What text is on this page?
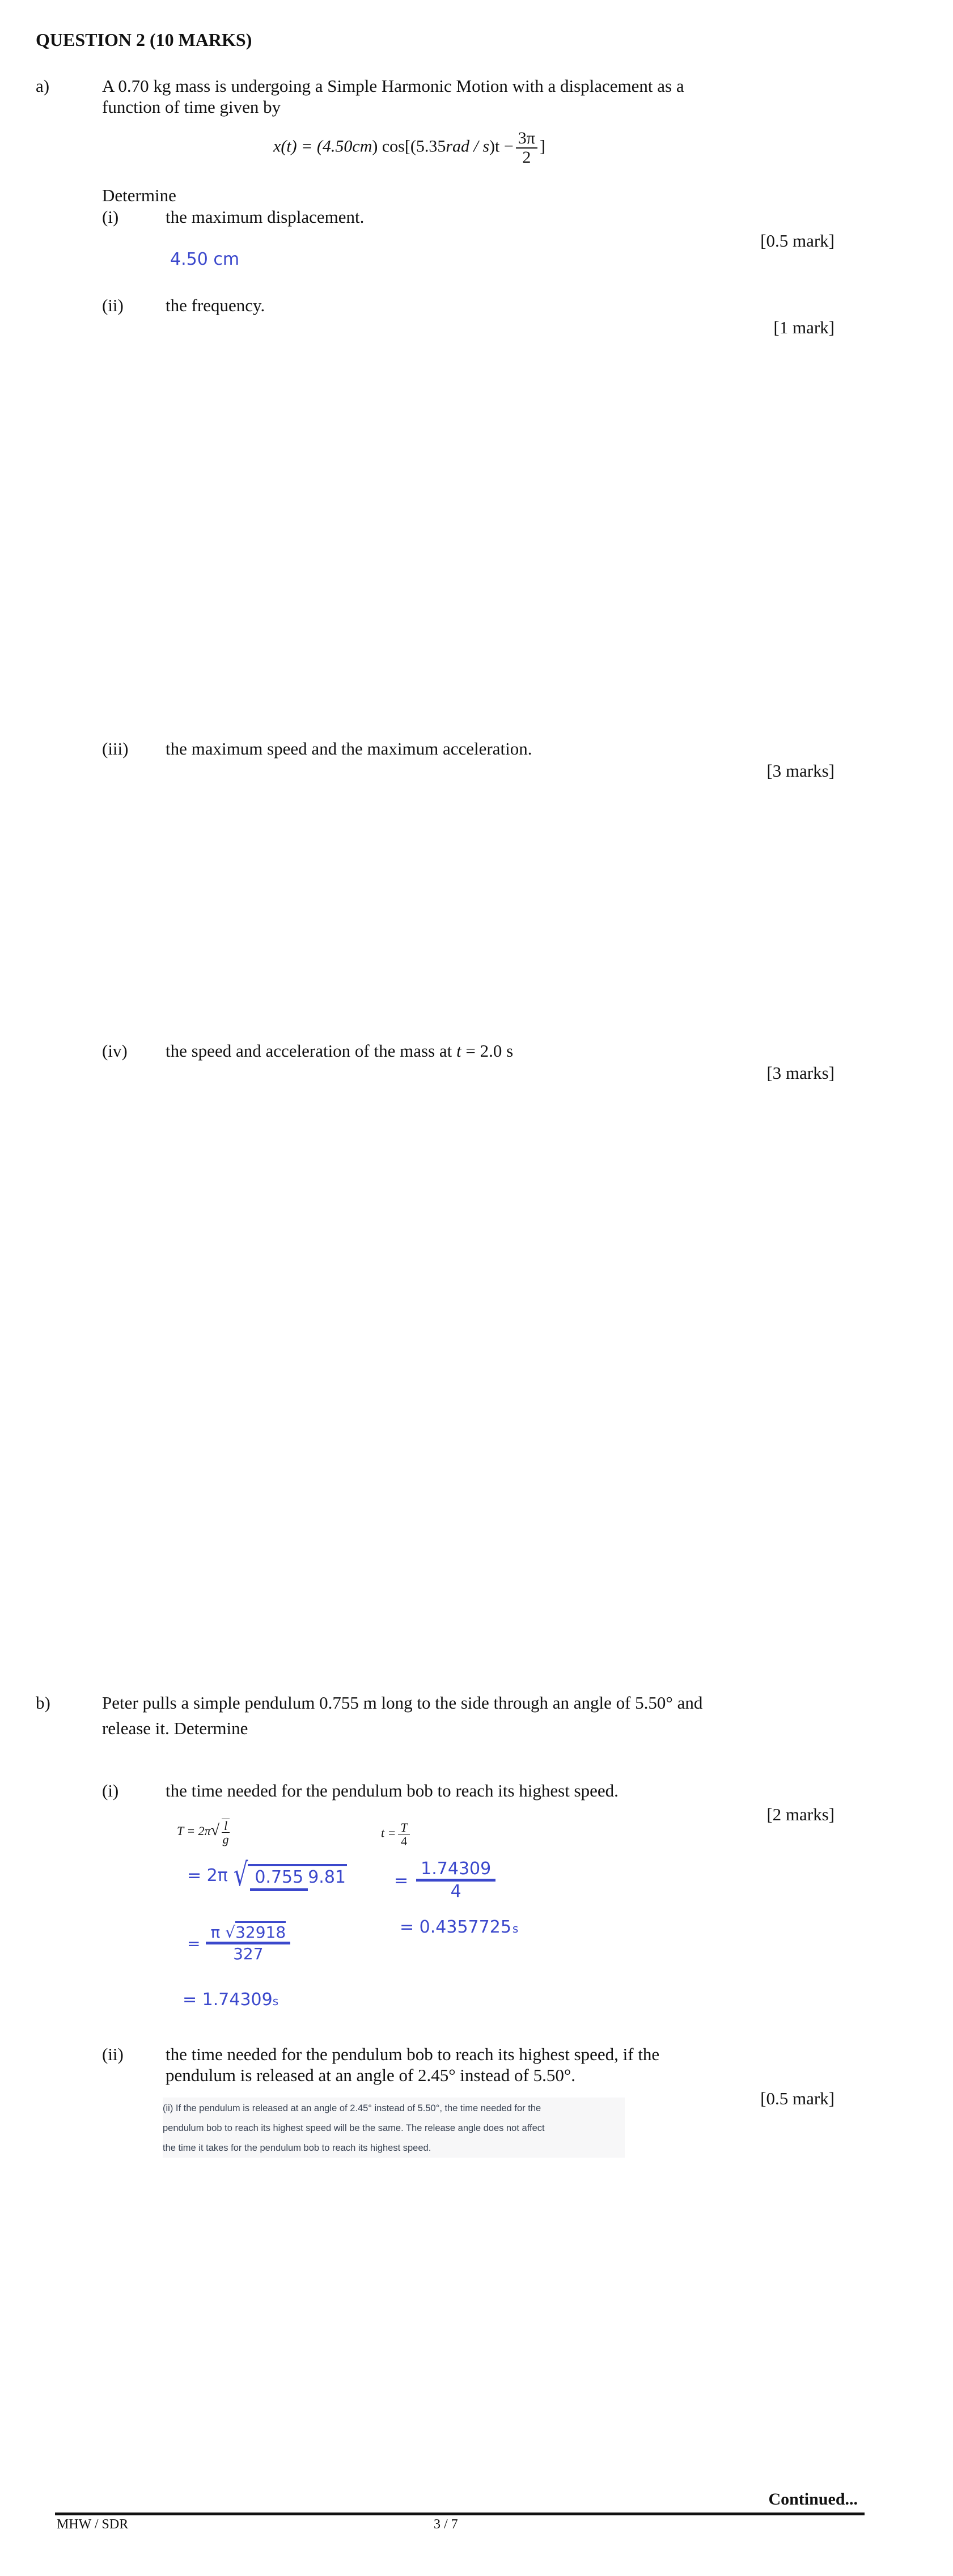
QUESTION 2 (10 MARKS)
a)	A 0.70 kg mass is undergoing a Simple Harmonic Motion with a displacement as a
function of time given by
x(t) = (4.50cm) $\cos[(5.35rad / s)t - \frac{3\pi}{2}$ ]
Determine
(i)	the maximum displacement.
[0.5 mark]
4.50 cm
(ii) the frequency.
[1 mark]
(iii) the maximum speed and the maximum acceleration.
[3 marks]
(iv) the speed and acceleration of the mass at t = 2.0 s
[3 marks]
b)	Peter pulls a simple pendulum 0.755 m long to the side through an angle of 5.50° and
release it. Determine
(i)	the time needed for the pendulum bob to reach its highest speed.
[2 marks]
$T = 2\pi√ \frac{l}{g}$	$t = \frac{T}{4}$
= 2π √ 0.755 9.81
= $\frac{\pi √32918}{327}$
= 1.74309s
= $\frac{1.74309}{4}$
= 0.4357725 s
(ii) the time needed for the pendulum bob to reach its highest speed, if the
pendulum is released at an angle of 2.45° instead of 5.50°.
[0.5 mark]

(ii) If the pendulum is released at an angle of 2.45° instead of 5.50°, the time needed for the

pendulum bob to reach its highest speed will be the same. The release angle does not affect

the time it takes for the pendulum bob to reach its highest speed.

Continued...
MHW / SDR	3 / 7
